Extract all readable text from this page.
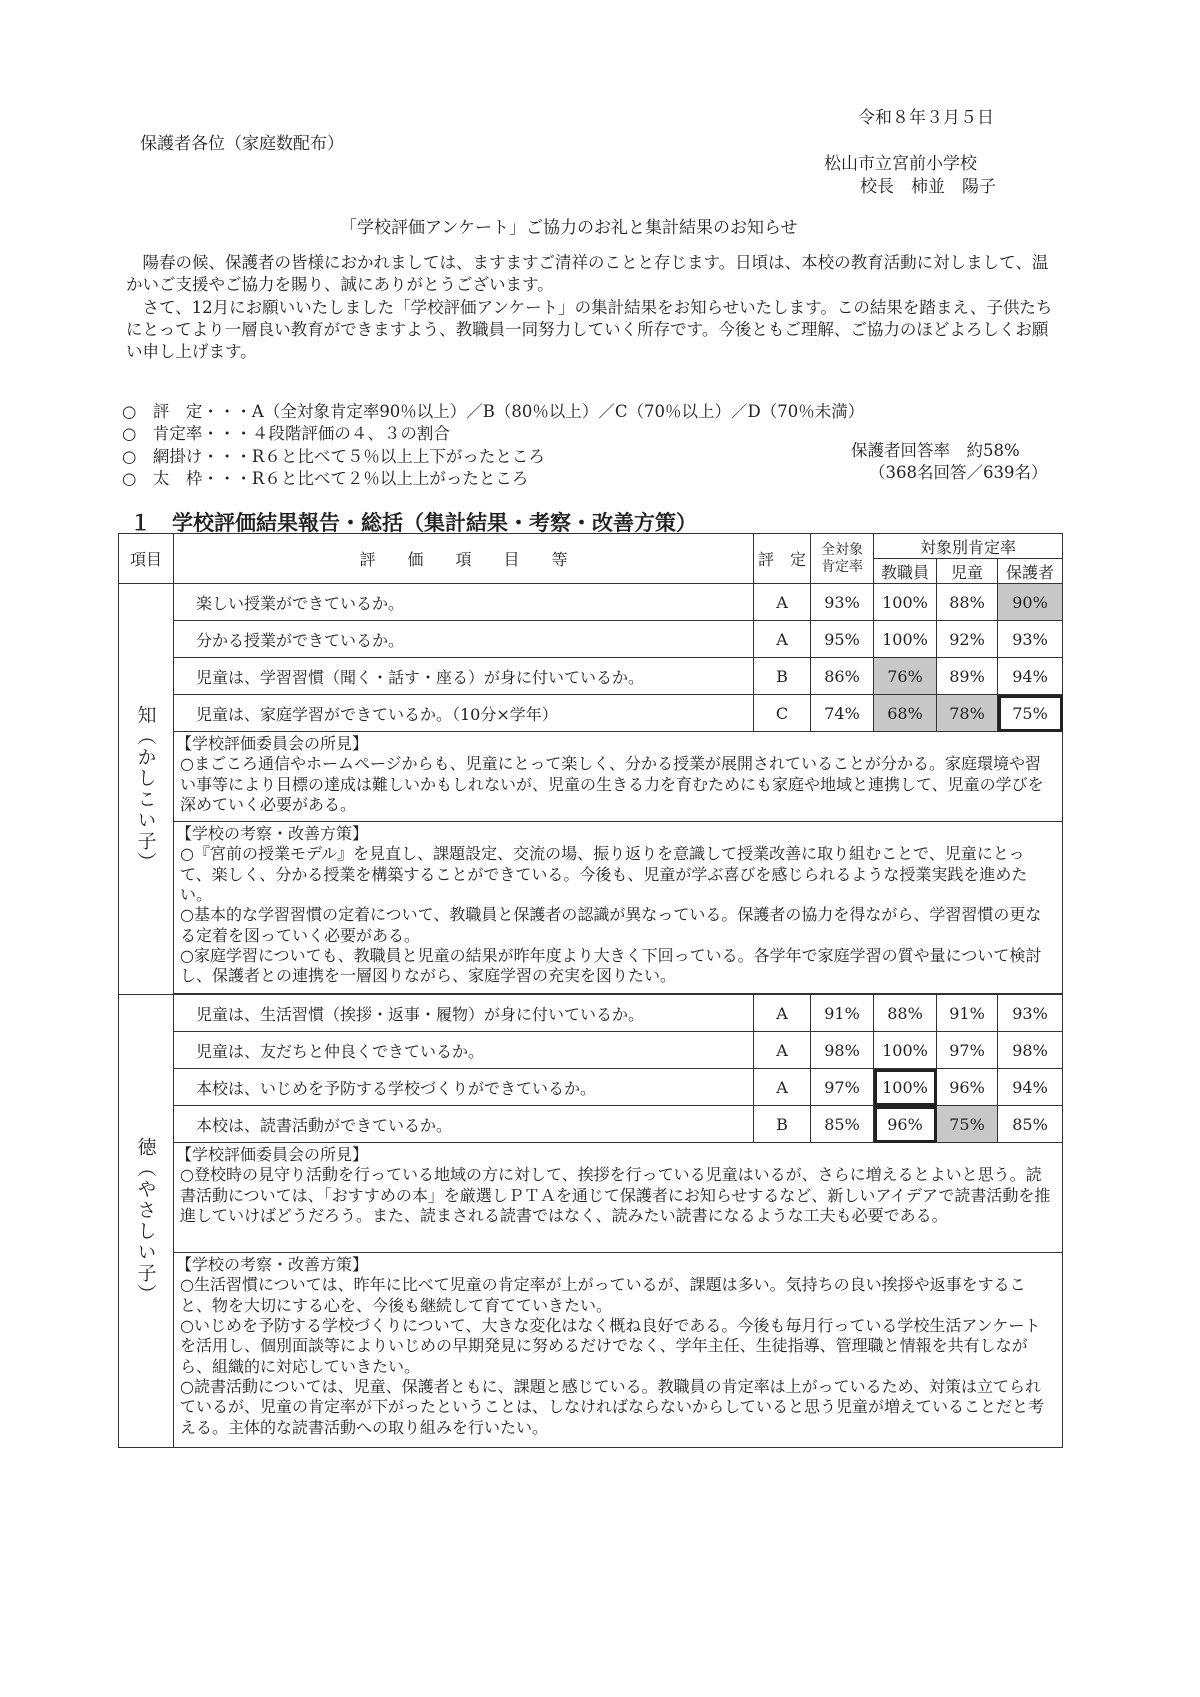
令和８年３月５日
保護者各位（家庭数配布）
松山市立宮前小学校
校長　柿並　陽子
「学校評価アンケート」ご協力のお礼と集計結果のお知らせ

陽春の候、保護者の皆様におかれましては、ますますご清祥のことと存じます。日頃は、本校の教育活動に対しまして、温かいご支援やご協力を賜り、誠にありがとうございます。

さて、12月にお願いいたしました「学校評価アンケート」の集計結果をお知らせいたします。この結果を踏まえ、子供たちにとってより一層良い教育ができますよう、教職員一同努力していく所存です。今後ともご理解、ご協力のほどよろしくお願い申し上げます。

○　評　定・・・A（全対象肯定率90％以上）／B（80％以上）／C（70％以上）／D（70％未満）
○　肯定率・・・４段階評価の４、３の割合
○　網掛け・・・R６と比べて５％以上上下がったところ
○　太　枠・・・R６と比べて２％以上上がったところ
保護者回答率　約58%
（368名回答／639名）
１　学校評価結果報告・総括（集計結果・考察・改善方策）
項目	評　　価　　項　　目　　等	評　定	全対象
肯定率	対象別肯定率		
				教職員	児童	保護者
知（かしこい子）	楽しい授業ができているか。	A	93%	100%	88%	90%
	分かる授業ができているか。	A	95%	100%	92%	93%
	児童は、学習習慣（聞く・話す・座る）が身に付いているか。	B	86%	76%	89%	94%
	児童は、家庭学習ができているか。（10分×学年）	C	74%	68%	78%	75%

	【学校評価委員会の所見】
○まごころ通信やホームページからも、児童にとって楽しく、分かる授業が展開されていることが分かる。家庭環境や習い事等により目標の達成は難しいかもしれないが、児童の生きる力を育むためにも家庭や地域と連携して、児童の学びを深めていく必要がある。					

	【学校の考察・改善方策】
○『宮前の授業モデル』を見直し、課題設定、交流の場、振り返りを意識して授業改善に取り組むことで、児童にとって、楽しく、分かる授業を構築することができている。今後も、児童が学ぶ喜びを感じられるような授業実践を進めたい。
○基本的な学習習慣の定着について、教職員と保護者の認識が異なっている。保護者の協力を得ながら、学習習慣の更なる定着を図っていく必要がある。
○家庭学習についても、教職員と児童の結果が昨年度より大きく下回っている。各学年で家庭学習の質や量について検討し、保護者との連携を一層図りながら、家庭学習の充実を図りたい。					

徳（やさしい子）	児童は、生活習慣（挨拶・返事・履物）が身に付いているか。	A	91%	88%	91%	93%
	児童は、友だちと仲良くできているか。	A	98%	100%	97%	98%
	本校は、いじめを予防する学校づくりができているか。	A	97%	100%	96%	94%
	本校は、読書活動ができているか。	B	85%	96%	75%	85%

	【学校評価委員会の所見】
○登校時の見守り活動を行っている地域の方に対して、挨拶を行っている児童はいるが、さらに増えるとよいと思う。読書活動については、「おすすめの本」を厳選しＰＴＡを通じて保護者にお知らせするなど、新しいアイデアで読書活動を推進していけばどうだろう。また、読まされる読書ではなく、読みたい読書になるような工夫も必要である。					

	【学校の考察・改善方策】
○生活習慣については、昨年に比べて児童の肯定率が上がっているが、課題は多い。気持ちの良い挨拶や返事をすること、物を大切にする心を、今後も継続して育てていきたい。
○いじめを予防する学校づくりについて、大きな変化はなく概ね良好である。今後も毎月行っている学校生活アンケートを活用し、個別面談等によりいじめの早期発見に努めるだけでなく、学年主任、生徒指導、管理職と情報を共有しながら、組織的に対応していきたい。
○読書活動については、児童、保護者ともに、課題と感じている。教職員の肯定率は上がっているため、対策は立てられているが、児童の肯定率が下がったということは、しなければならないからしていると思う児童が増えていることだと考える。主体的な読書活動への取り組みを行いたい。					
